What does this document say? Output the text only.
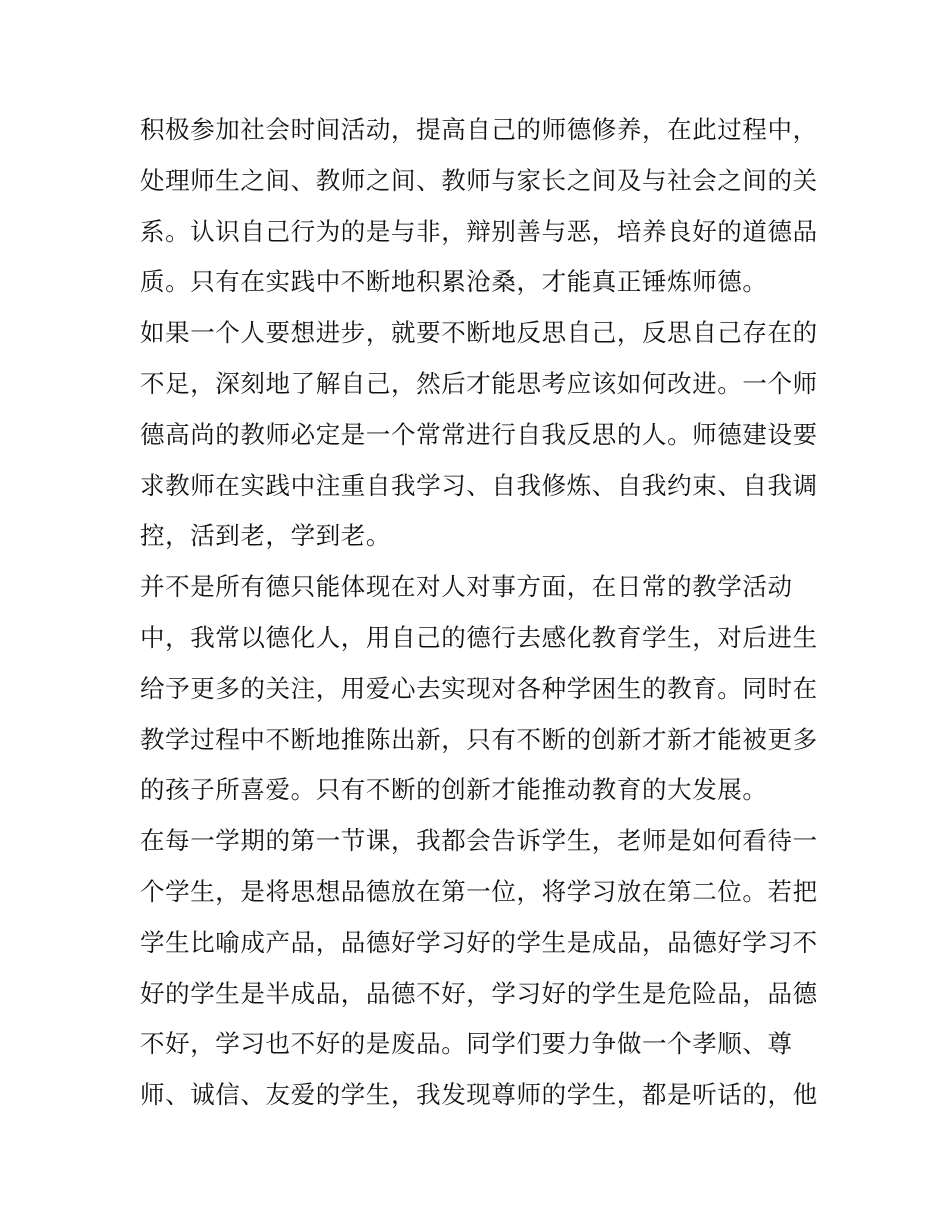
积极参加社会时间活动，提高自己的师德修养，在此过程中，
处理师生之间、教师之间、教师与家长之间及与社会之间的关
系。认识自己行为的是与非，辩别善与恶，培养良好的道德品
质。只有在实践中不断地积累沧桑，才能真正锤炼师德。
如果一个人要想进步，就要不断地反思自己，反思自己存在的
不足，深刻地了解自己，然后才能思考应该如何改进。一个师
德高尚的教师必定是一个常常进行自我反思的人。师德建设要
求教师在实践中注重自我学习、自我修炼、自我约束、自我调
控，活到老，学到老。
并不是所有德只能体现在对人对事方面，在日常的教学活动
中，我常以德化人，用自己的德行去感化教育学生，对后进生
给予更多的关注，用爱心去实现对各种学困生的教育。同时在
教学过程中不断地推陈出新，只有不断的创新才新才能被更多
的孩子所喜爱。只有不断的创新才能推动教育的大发展。
在每一学期的第一节课，我都会告诉学生，老师是如何看待一
个学生，是将思想品德放在第一位，将学习放在第二位。若把
学生比喻成产品，品德好学习好的学生是成品，品德好学习不
好的学生是半成品，品德不好，学习好的学生是危险品，品德
不好，学习也不好的是废品。同学们要力争做一个孝顺、尊
师、诚信、友爱的学生，我发现尊师的学生，都是听话的，他
